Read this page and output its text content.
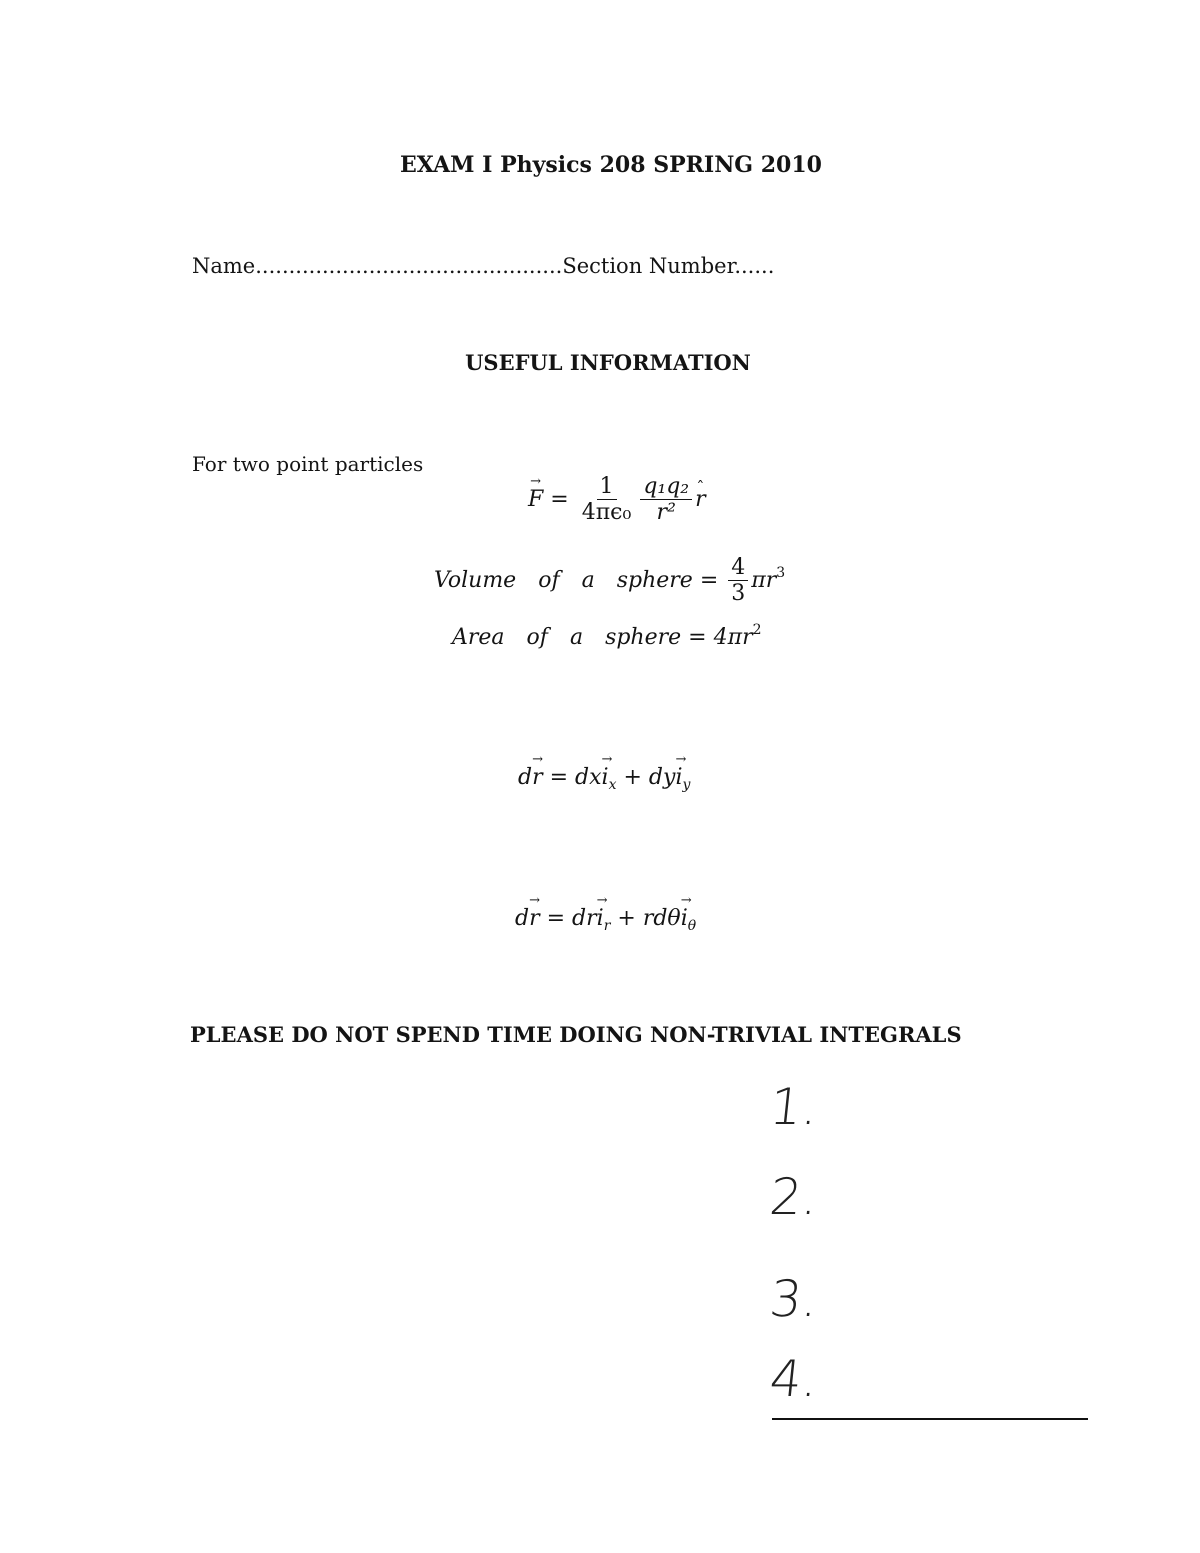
EXAM I Physics 208 SPRING 2010
Name..............................................Section Number......
USEFUL INFORMATION
For two point particles
F → = $\frac{1}{\text{4πϵ₀}} \frac{\text{q₁q₂}}{\text{r²}}$ r ˆ
Volume of a sphere = $\frac{4}{3} \pi r^3$
Area of a sphere = $4\pi r^2$
dr → = dxi $\to_x$ + dyi $\to_y$
dr → = dri $\to_r + rd\theta i \to_\theta$
PLEASE DO NOT SPEND TIME DOING NON-TRIVIAL INTEGRALS
1.
2.
3.
4.
